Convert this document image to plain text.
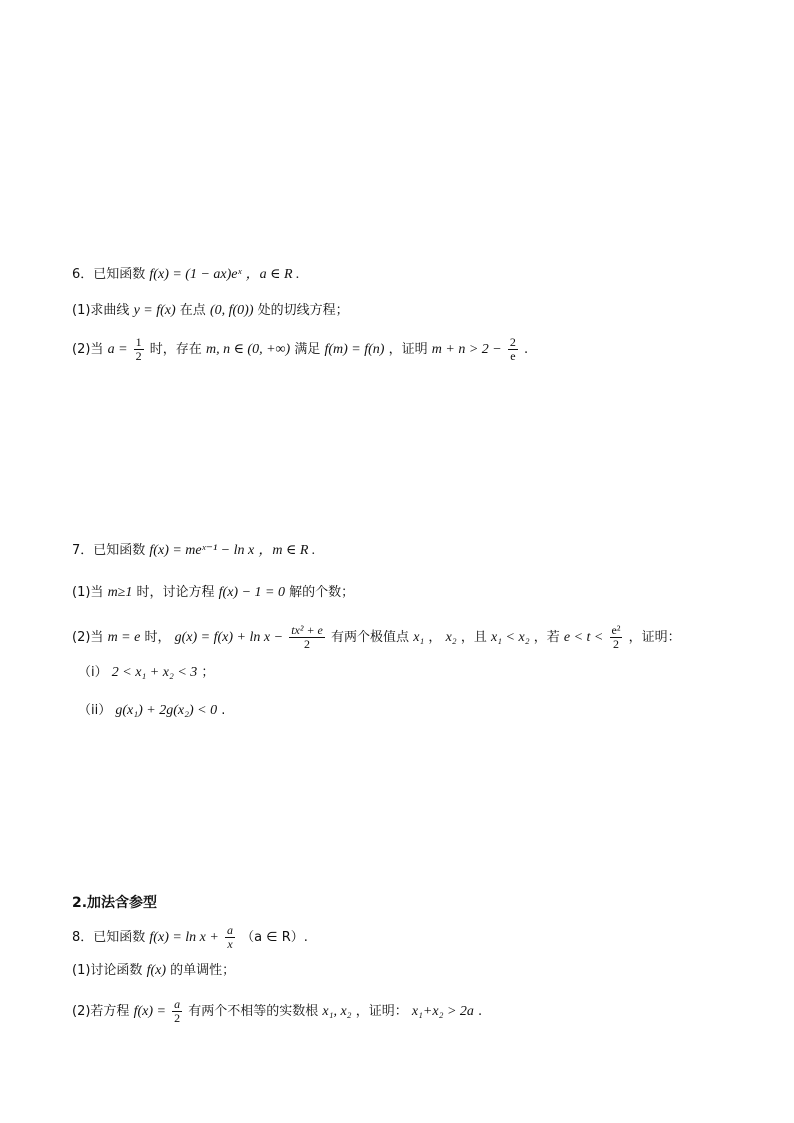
6．已知函数 f(x) = (1 − ax)eˣ ，a ∈ R .
(1)求曲线 y = f(x) 在点 (0, f(0)) 处的切线方程；
(2)当 $a = \frac{1}{2}$ 时，存在 m, n ∈ (0, +∞) 满足 f(m) = f(n) ，证明 $m + n > 2 - \frac{2}{e}$ .
7．已知函数 f(x) = meˣ⁻¹ − ln x ，m ∈ R .
(1)当 m≥1 时，讨论方程 f(x) − 1 = 0 解的个数；
(2)当 m = e 时， $g(x) = f(x) + \ln x - \frac{\text{tx² + e}}{2}$ 有两个极值点 x₁ ， x₂ ，且 x₁ < x₂ ，若 $e < t < \frac{\text{e²}}{2}$ ，证明：
（i） 2 < x₁ + x₂ < 3 ；
（ii） g(x₁) + 2g(x₂) < 0 .
2.加法含参型
8．已知函数 $f(x) = \ln x + \frac{a}{x} (a$ ∈ R）.
(1)讨论函数 f(x) 的单调性；
(2)若方程 $f(x) = \frac{a}{2}$ 有两个不相等的实数根 x₁, x₂ ，证明： x₁+x₂ > 2a .
